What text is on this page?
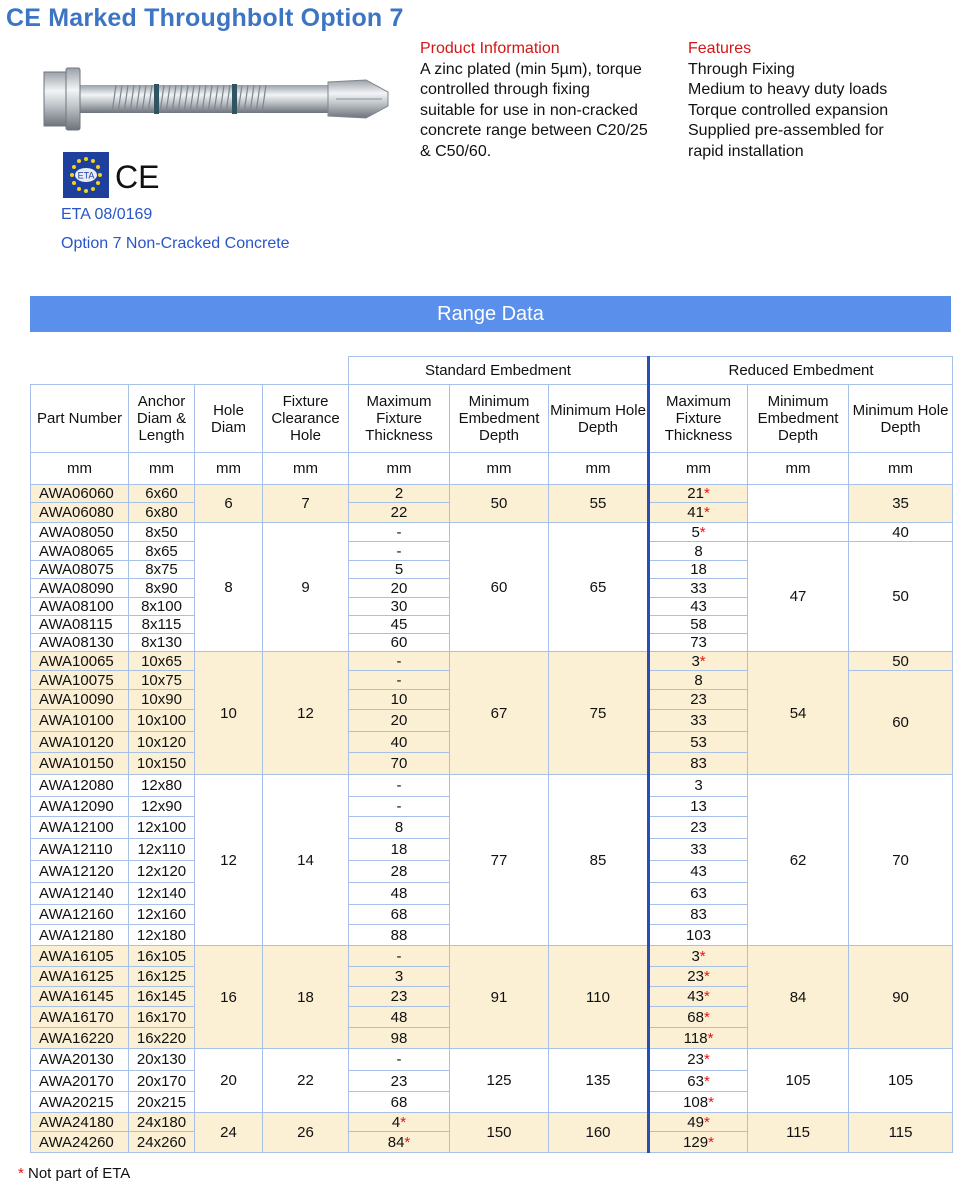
CE Marked Throughbolt Option 7
ETA CE
ETA 08/0169
Option 7 Non-Cracked Concrete
Product Information
A zinc plated (min 5µm), torque
controlled through fixing
suitable for use in non-cracked
concrete range between C20/25
& C50/60.
Features
Through Fixing
Medium to heavy duty loads
Torque controlled expansion
Supplied pre-assembled for
rapid installation
Range Data
				Standard Embedment			Reduced Embedment		
Part Number	Anchor Diam & Length	Hole Diam	Fixture Clearance Hole	Maximum Fixture Thickness	Minimum Embedment Depth	Minimum Hole Depth	Maximum Fixture Thickness	Minimum Embedment Depth	Minimum Hole Depth
mm	mm	mm	mm	mm	mm	mm	mm	mm	mm
AWA06060	6x60	6	7	2	50	55	21*		35
AWA06080	6x80			22			41*		
AWA08050	8x50	8	9	-	60	65	5*		40
AWA08065	8x65			-			8	47	50
AWA08075	8x75			5			18		
AWA08090	8x90			20			33		
AWA08100	8x100			30			43		
AWA08115	8x115			45			58		
AWA08130	8x130			60			73		
AWA10065	10x65	10	12	-	67	75	3*	54	50
AWA10075	10x75			-			8		60
AWA10090	10x90			10			23		
AWA10100	10x100			20			33		
AWA10120	10x120			40			53		
AWA10150	10x150			70			83		
AWA12080	12x80	12	14	-	77	85	3	62	70
AWA12090	12x90			-			13		
AWA12100	12x100			8			23		
AWA12110	12x110			18			33		
AWA12120	12x120			28			43		
AWA12140	12x140			48			63		
AWA12160	12x160			68			83		
AWA12180	12x180			88			103		
AWA16105	16x105	16	18	-	91	110	3*	84	90
AWA16125	16x125			3			23*		
AWA16145	16x145			23			43*		
AWA16170	16x170			48			68*		
AWA16220	16x220			98			118*		
AWA20130	20x130	20	22	-	125	135	23*	105	105
AWA20170	20x170			23			63*		
AWA20215	20x215			68			108*		
AWA24180	24x180	24	26	4*	150	160	49*	115	115
AWA24260	24x260			84*			129*		
* Not part of ETA
